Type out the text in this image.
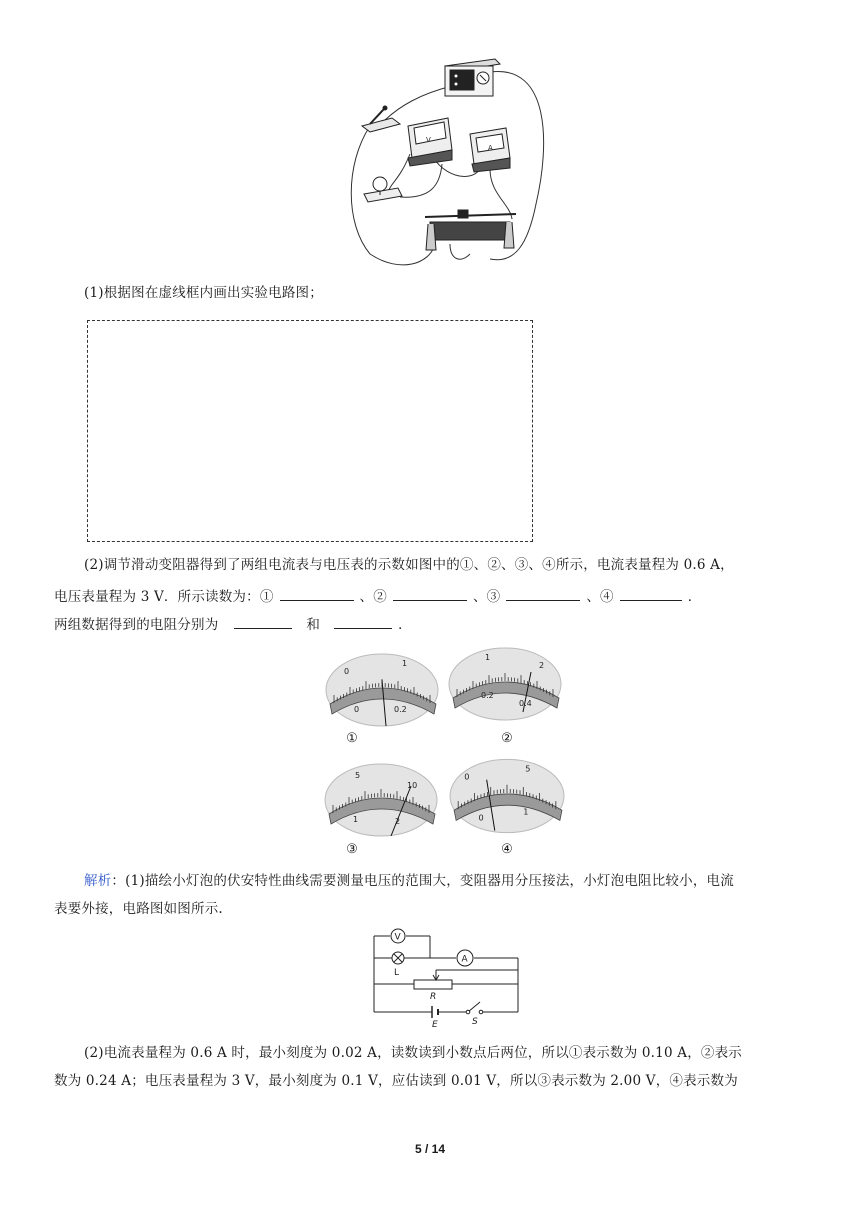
V
A
(1)根据图在虚线框内画出实验电路图；
(2)调节滑动变阻器得到了两组电流表与电压表的示数如图中的①、②、③、④所示，电流表量程为 0.6 A，
电压表量程为 3 V．所示读数为：①	、②	、③	、④	．
两组数据得到的电阻分别为	和	．
0
1
0	0.2
①
1
2
0.2
0.4
②
5
10
1	2
③
0
5
0
1
④
解析：(1)描绘小灯泡的伏安特性曲线需要测量电压的范围大，变阻器用分压接法，小灯泡电阻比较小，电流
表要外接，电路图如图所示.
V
A
L
R
E	S
(2)电流表量程为 0.6 A 时，最小刻度为 0.02 A，读数读到小数点后两位，所以①表示数为 0.10 A，②表示
数为 0.24 A；电压表量程为 3 V，最小刻度为 0.1 V，应估读到 0.01 V，所以③表示数为 2.00 V，④表示数为
5 / 14
